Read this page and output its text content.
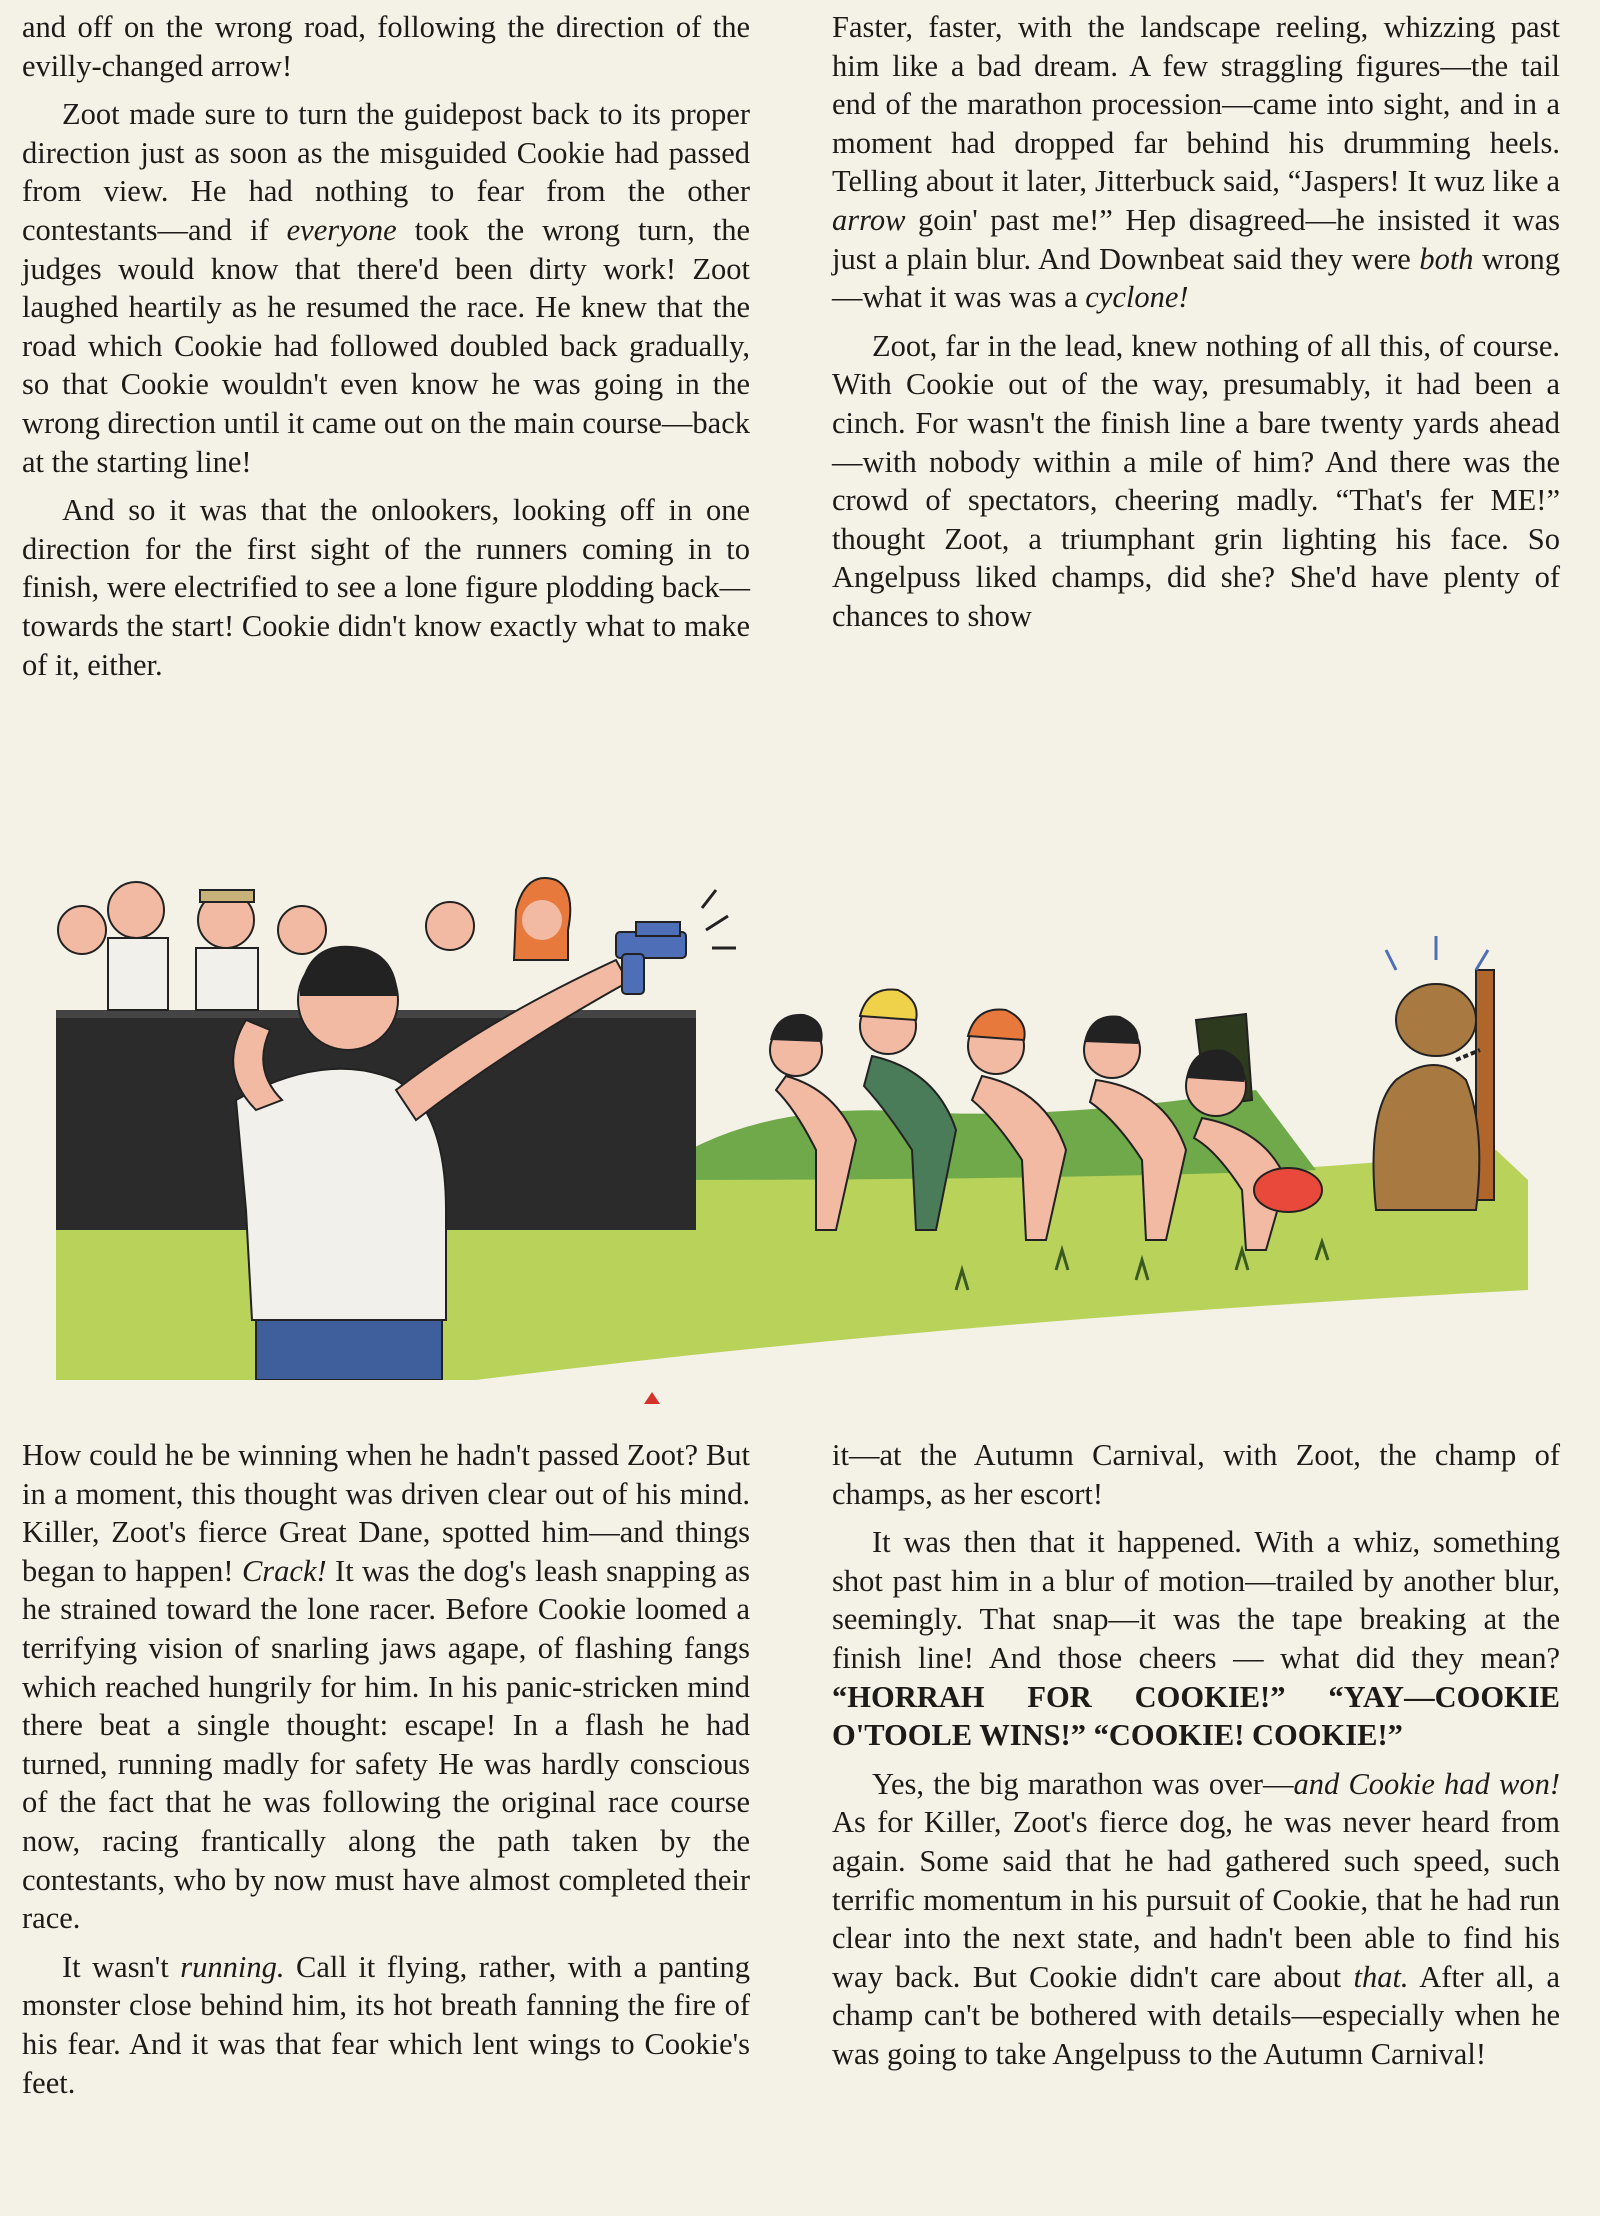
and off on the wrong road, following the direction of the evilly-changed arrow!

Zoot made sure to turn the guidepost back to its proper direction just as soon as the misguided Cookie had passed from view. He had nothing to fear from the other contestants—and if everyone took the wrong turn, the judges would know that there'd been dirty work! Zoot laughed heartily as he resumed the race. He knew that the road which Cookie had followed doubled back gradually, so that Cookie wouldn't even know he was going in the wrong direction until it came out on the main course—back at the starting line!

And so it was that the onlookers, looking off in one direction for the first sight of the runners coming in to finish, were electrified to see a lone figure plodding back—towards the start! Cookie didn't know exactly what to make of it, either.

Faster, faster, with the landscape reeling, whizzing past him like a bad dream. A few straggling figures—the tail end of the marathon procession—came into sight, and in a moment had dropped far behind his drumming heels. Telling about it later, Jitterbuck said, “Jaspers! It wuz like a arrow goin' past me!” Hep disagreed—he insisted it was just a plain blur. And Downbeat said they were both wrong—what it was was a cyclone!

Zoot, far in the lead, knew nothing of all this, of course. With Cookie out of the way, presumably, it had been a cinch. For wasn't the finish line a bare twenty yards ahead—with nobody within a mile of him? And there was the crowd of spectators, cheering madly. “That's fer ME!” thought Zoot, a triumphant grin lighting his face. So Angelpuss liked champs, did she? She'd have plenty of chances to show

How could he be winning when he hadn't passed Zoot? But in a moment, this thought was driven clear out of his mind. Killer, Zoot's fierce Great Dane, spotted him—and things began to happen! Crack! It was the dog's leash snapping as he strained toward the lone racer. Before Cookie loomed a terrifying vision of snarling jaws agape, of flashing fangs which reached hungrily for him. In his panic-stricken mind there beat a single thought: escape! In a flash he had turned, running madly for safety He was hardly conscious of the fact that he was following the original race course now, racing frantically along the path taken by the contestants, who by now must have almost completed their race.

It wasn't running. Call it flying, rather, with a panting monster close behind him, its hot breath fanning the fire of his fear. And it was that fear which lent wings to Cookie's feet.

it—at the Autumn Carnival, with Zoot, the champ of champs, as her escort!

It was then that it happened. With a whiz, something shot past him in a blur of motion—trailed by another blur, seemingly. That snap—it was the tape breaking at the finish line! And those cheers — what did they mean? “HORRAH FOR COOKIE!” “YAY—COOKIE O'TOOLE WINS!” “COOKIE! COOKIE!”

Yes, the big marathon was over—and Cookie had won! As for Killer, Zoot's fierce dog, he was never heard from again. Some said that he had gathered such speed, such terrific momentum in his pursuit of Cookie, that he had run clear into the next state, and hadn't been able to find his way back. But Cookie didn't care about that. After all, a champ can't be bothered with details—especially when he was going to take Angelpuss to the Autumn Carnival!
